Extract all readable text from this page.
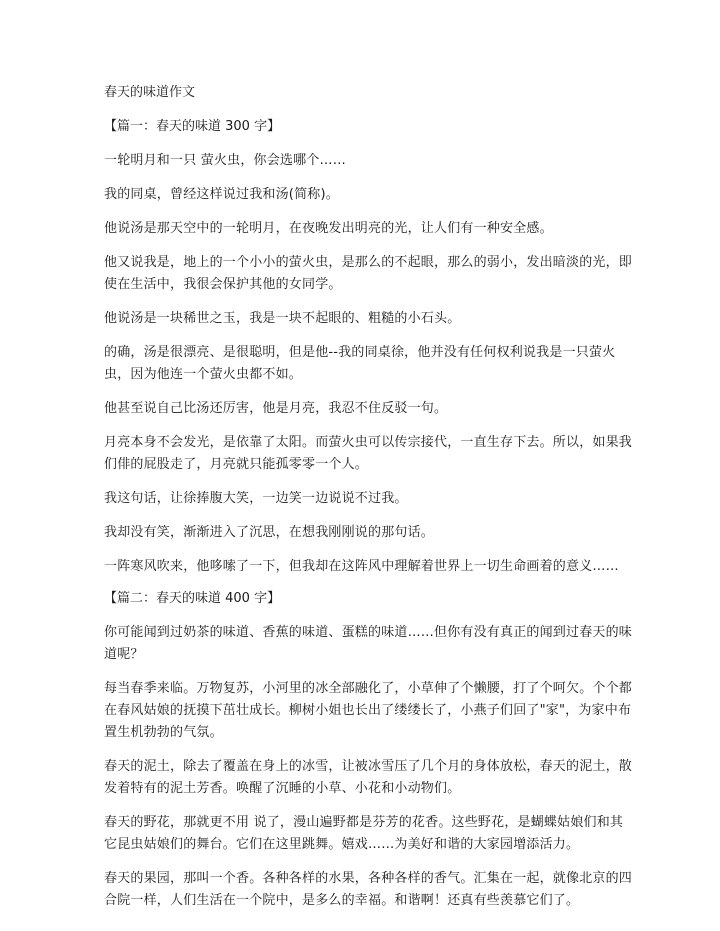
春天的味道作文
【篇一：春天的味道 300 字】

一轮明月和一只 萤火虫，你会选哪个……

我的同桌，曾经这样说过我和汤(简称)。

他说汤是那天空中的一轮明月，在夜晚发出明亮的光，让人们有一种安全感。

他又说我是，地上的一个小小的萤火虫，是那么的不起眼，那么的弱小，发出暗淡的光，即使在生活中，我很会保护其他的女同学。

他说汤是一块稀世之玉，我是一块不起眼的、粗糙的小石头。

的确，汤是很漂亮、是很聪明，但是他--我的同桌徐，他并没有任何权利说我是一只萤火虫，因为他连一个萤火虫都不如。

他甚至说自己比汤还厉害，他是月亮，我忍不住反驳一句。

月亮本身不会发光，是依靠了太阳。而萤火虫可以传宗接代，一直生存下去。所以，如果我们俳的屁股走了，月亮就只能孤零零一个人。

我这句话，让徐捧腹大笑，一边笑一边说说不过我。

我却没有笑，渐渐进入了沉思，在想我刚刚说的那句话。

一阵寒风吹来，他哆嗦了一下，但我却在这阵风中理解着世界上一切生命画着的意义……

【篇二：春天的味道 400 字】

你可能闻到过奶茶的味道、香蕉的味道、蛋糕的味道……但你有没有真正的闻到过春天的味道呢？

每当春季来临。万物复苏，小河里的冰全部融化了，小草伸了个懒腰，打了个呵欠。个个都在春风姑娘的抚摸下茁壮成长。柳树小姐也长出了缕缕长了，小燕子们回了"家"，为家中布置生机勃勃的气氛。

春天的泥土，除去了覆盖在身上的冰雪，让被冰雪压了几个月的身体放松，春天的泥土，散发着特有的泥土芳香。唤醒了沉睡的小草、小花和小动物们。

春天的野花，那就更不用 说了，漫山遍野都是芬芳的花香。这些野花，是蝴蝶姑娘们和其它昆虫姑娘们的舞台。它们在这里跳舞。嬉戏……为美好和谐的大家园增添活力。

春天的果园，那叫一个香。各种各样的水果，各种各样的香气。汇集在一起，就像北京的四合院一样，人们生活在一个院中，是多么的幸福。和谐啊！还真有些羡慕它们了。
